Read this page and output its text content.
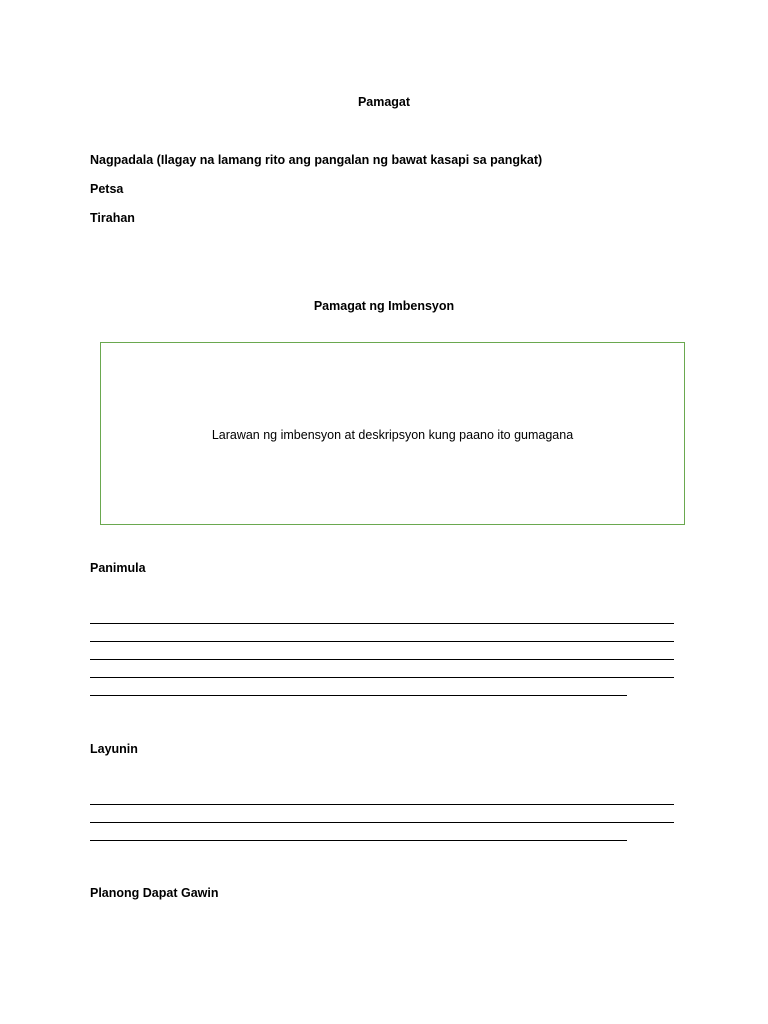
Pamagat
Nagpadala (Ilagay na lamang rito ang pangalan ng bawat kasapi sa pangkat)
Petsa
Tirahan
Pamagat ng Imbensyon
Larawan ng imbensyon at deskripsyon kung paano ito gumagana
Panimula
Layunin
Planong Dapat Gawin
